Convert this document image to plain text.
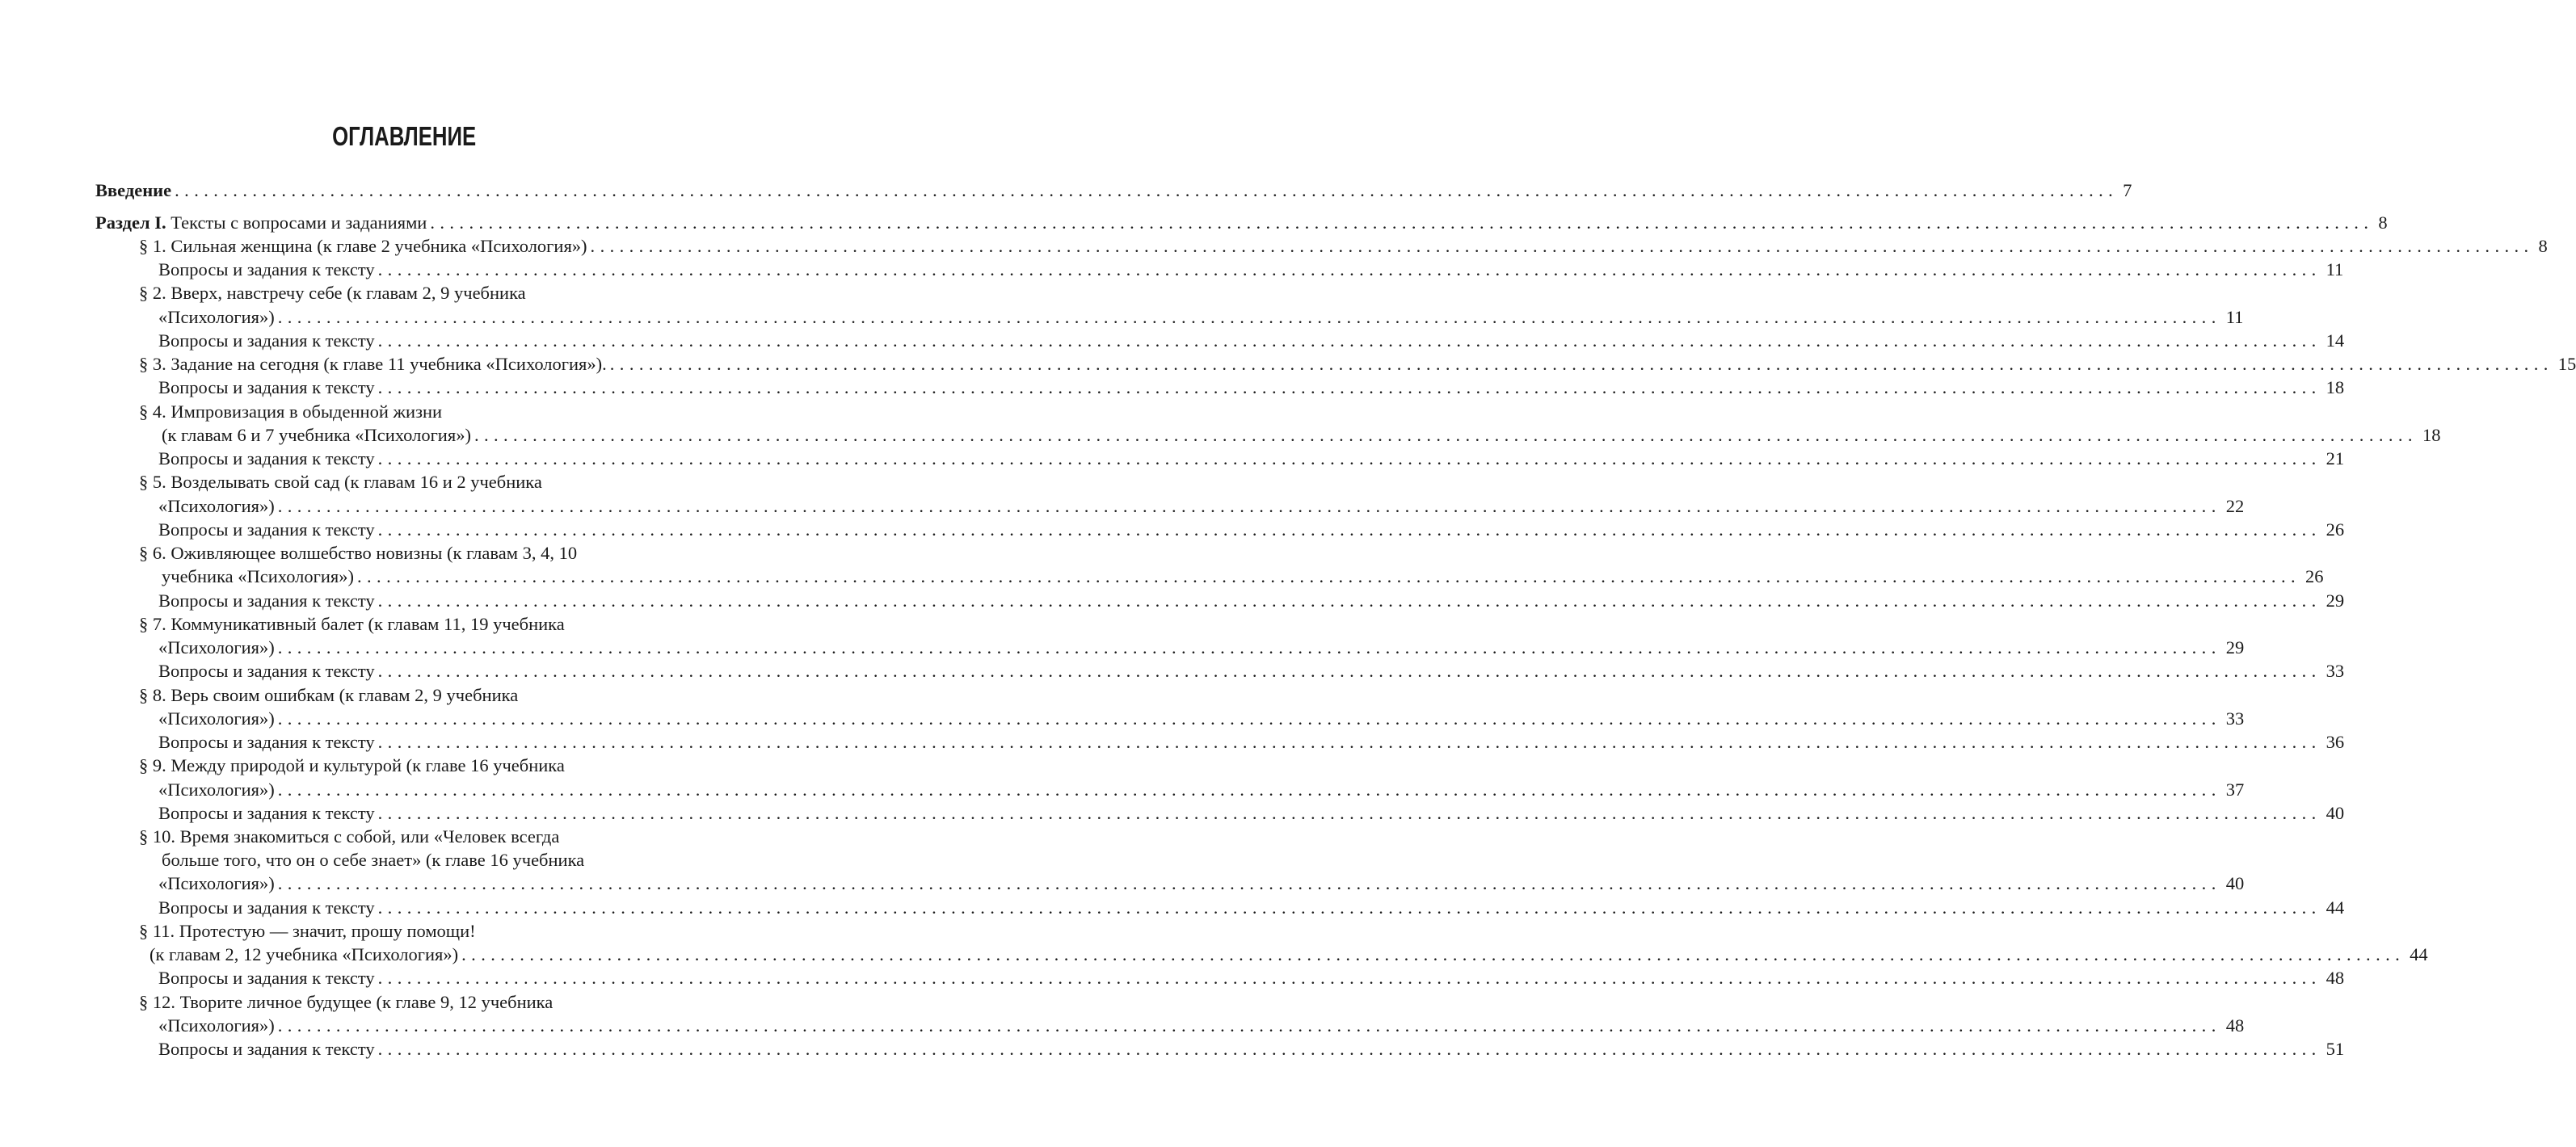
ОГЛАВЛЕНИЕ
Введение ........................................................................................................................................................................................................ 7
Раздел I. Тексты с вопросами и заданиями ........................................................................................................................................................................................................ 8
§ 1. Сильная женщина (к главе 2 учебника «Психология») ........................................................................................................................................................................................................ 8
Вопросы и задания к тексту ........................................................................................................................................................................................................ 11
§ 2. Вверх, навстречу себе (к главам 2, 9 учебника
«Психология») ........................................................................................................................................................................................................ 11
Вопросы и задания к тексту ........................................................................................................................................................................................................ 14
§ 3. Задание на сегодня (к главе 11 учебника «Психология»). ........................................................................................................................................................................................................ 15
Вопросы и задания к тексту ........................................................................................................................................................................................................ 18
§ 4. Импровизация в обыденной жизни
(к главам 6 и 7 учебника «Психология») ........................................................................................................................................................................................................ 18
Вопросы и задания к тексту ........................................................................................................................................................................................................ 21
§ 5. Возделывать свой сад (к главам 16 и 2 учебника
«Психология») ........................................................................................................................................................................................................ 22
Вопросы и задания к тексту ........................................................................................................................................................................................................ 26
§ 6. Оживляющее волшебство новизны (к главам 3, 4, 10
учебника «Психология») ........................................................................................................................................................................................................ 26
Вопросы и задания к тексту ........................................................................................................................................................................................................ 29
§ 7. Коммуникативный балет (к главам 11, 19 учебника
«Психология») ........................................................................................................................................................................................................ 29
Вопросы и задания к тексту ........................................................................................................................................................................................................ 33
§ 8. Верь своим ошибкам (к главам 2, 9 учебника
«Психология») ........................................................................................................................................................................................................ 33
Вопросы и задания к тексту ........................................................................................................................................................................................................ 36
§ 9. Между природой и культурой (к главе 16 учебника
«Психология») ........................................................................................................................................................................................................ 37
Вопросы и задания к тексту ........................................................................................................................................................................................................ 40
§ 10. Время знакомиться с собой, или «Человек всегда
больше того, что он о себе знает» (к главе 16 учебника
«Психология») ........................................................................................................................................................................................................ 40
Вопросы и задания к тексту ........................................................................................................................................................................................................ 44
§ 11. Протестую — значит, прошу помощи!
(к главам 2, 12 учебника «Психология») ........................................................................................................................................................................................................ 44
Вопросы и задания к тексту ........................................................................................................................................................................................................ 48
§ 12. Творите личное будущее (к главе 9, 12 учебника
«Психология») ........................................................................................................................................................................................................ 48
Вопросы и задания к тексту ........................................................................................................................................................................................................ 51
